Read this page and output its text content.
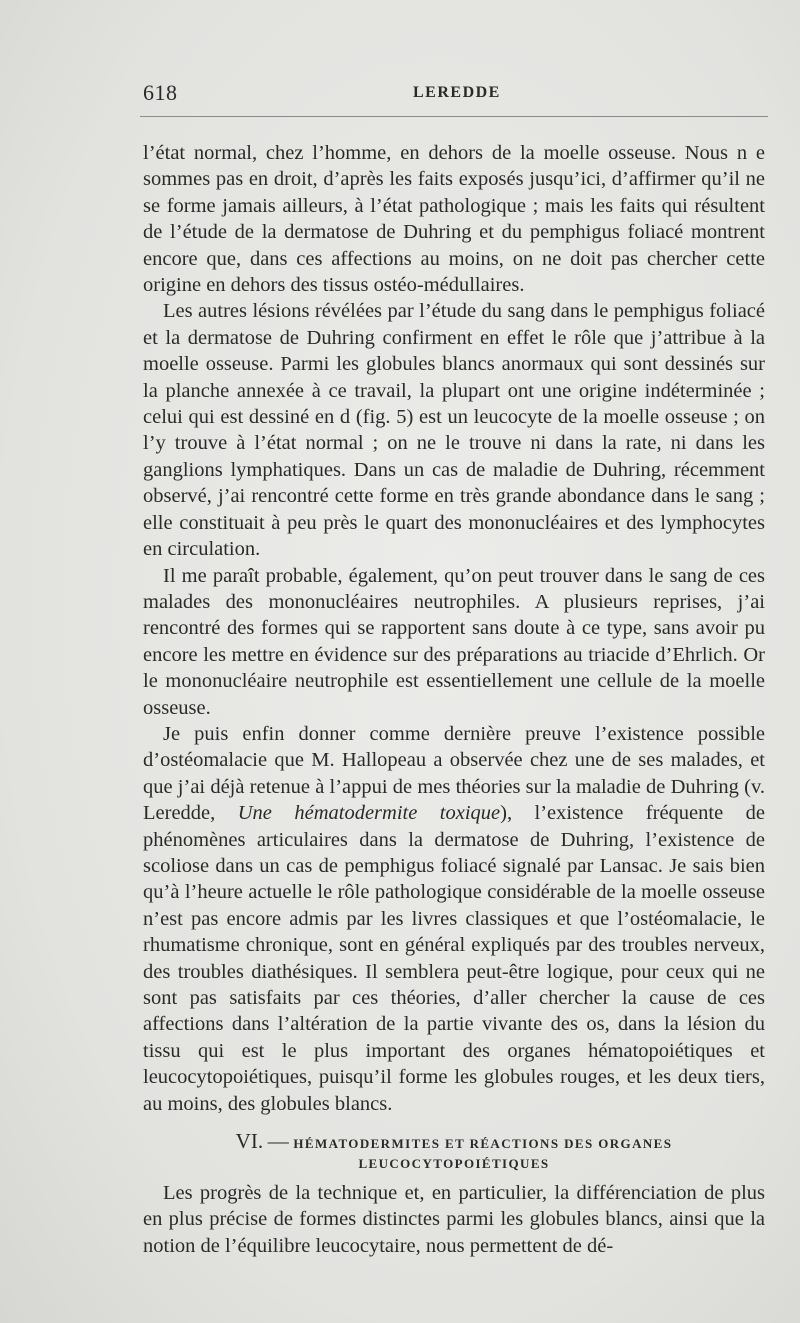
618	LEREDDE

l’état normal, chez l’homme, en dehors de la moelle osseuse. Nous n e sommes pas en droit, d’après les faits exposés jusqu’ici, d’affirmer qu’il ne se forme jamais ailleurs, à l’état pathologique ; mais les faits qui résultent de l’étude de la dermatose de Duhring et du pemphigus foliacé montrent encore que, dans ces affections au moins, on ne doit pas chercher cette origine en dehors des tissus ostéo-médullaires.

Les autres lésions révélées par l’étude du sang dans le pemphigus foliacé et la dermatose de Duhring confirment en effet le rôle que j’attribue à la moelle osseuse. Parmi les globules blancs anormaux qui sont dessinés sur la planche annexée à ce travail, la plupart ont une origine indéterminée ; celui qui est dessiné en d (fig. 5) est un leucocyte de la moelle osseuse ; on l’y trouve à l’état normal ; on ne le trouve ni dans la rate, ni dans les ganglions lymphatiques. Dans un cas de maladie de Duhring, récemment observé, j’ai rencontré cette forme en très grande abondance dans le sang ; elle constituait à peu près le quart des mononucléaires et des lymphocytes en circulation.

Il me paraît probable, également, qu’on peut trouver dans le sang de ces malades des mononucléaires neutrophiles. A plusieurs reprises, j’ai rencontré des formes qui se rapportent sans doute à ce type, sans avoir pu encore les mettre en évidence sur des préparations au triacide d’Ehrlich. Or le mononucléaire neutrophile est essentiellement une cellule de la moelle osseuse.

Je puis enfin donner comme dernière preuve l’existence possible d’ostéomalacie que M. Hallopeau a observée chez une de ses malades, et que j’ai déjà retenue à l’appui de mes théories sur la maladie de Duhring (v. Leredde, Une hématodermite toxique), l’existence fréquente de phénomènes articulaires dans la dermatose de Duhring, l’existence de scoliose dans un cas de pemphigus foliacé signalé par Lansac. Je sais bien qu’à l’heure actuelle le rôle pathologique considérable de la moelle osseuse n’est pas encore admis par les livres classiques et que l’ostéomalacie, le rhumatisme chronique, sont en général expliqués par des troubles nerveux, des troubles diathésiques. Il semblera peut-être logique, pour ceux qui ne sont pas satisfaits par ces théories, d’aller chercher la cause de ces affections dans l’altération de la partie vivante des os, dans la lésion du tissu qui est le plus important des organes hématopoiétiques et leucocytopoiétiques, puisqu’il forme les globules rouges, et les deux tiers, au moins, des globules blancs.

VI. — HÉMATODERMITES ET RÉACTIONS DES ORGANES LEUCOCYTOPOIÉTIQUES

Les progrès de la technique et, en particulier, la différenciation de plus en plus précise de formes distinctes parmi les globules blancs, ainsi que la notion de l’équilibre leucocytaire, nous permettent de dé-
